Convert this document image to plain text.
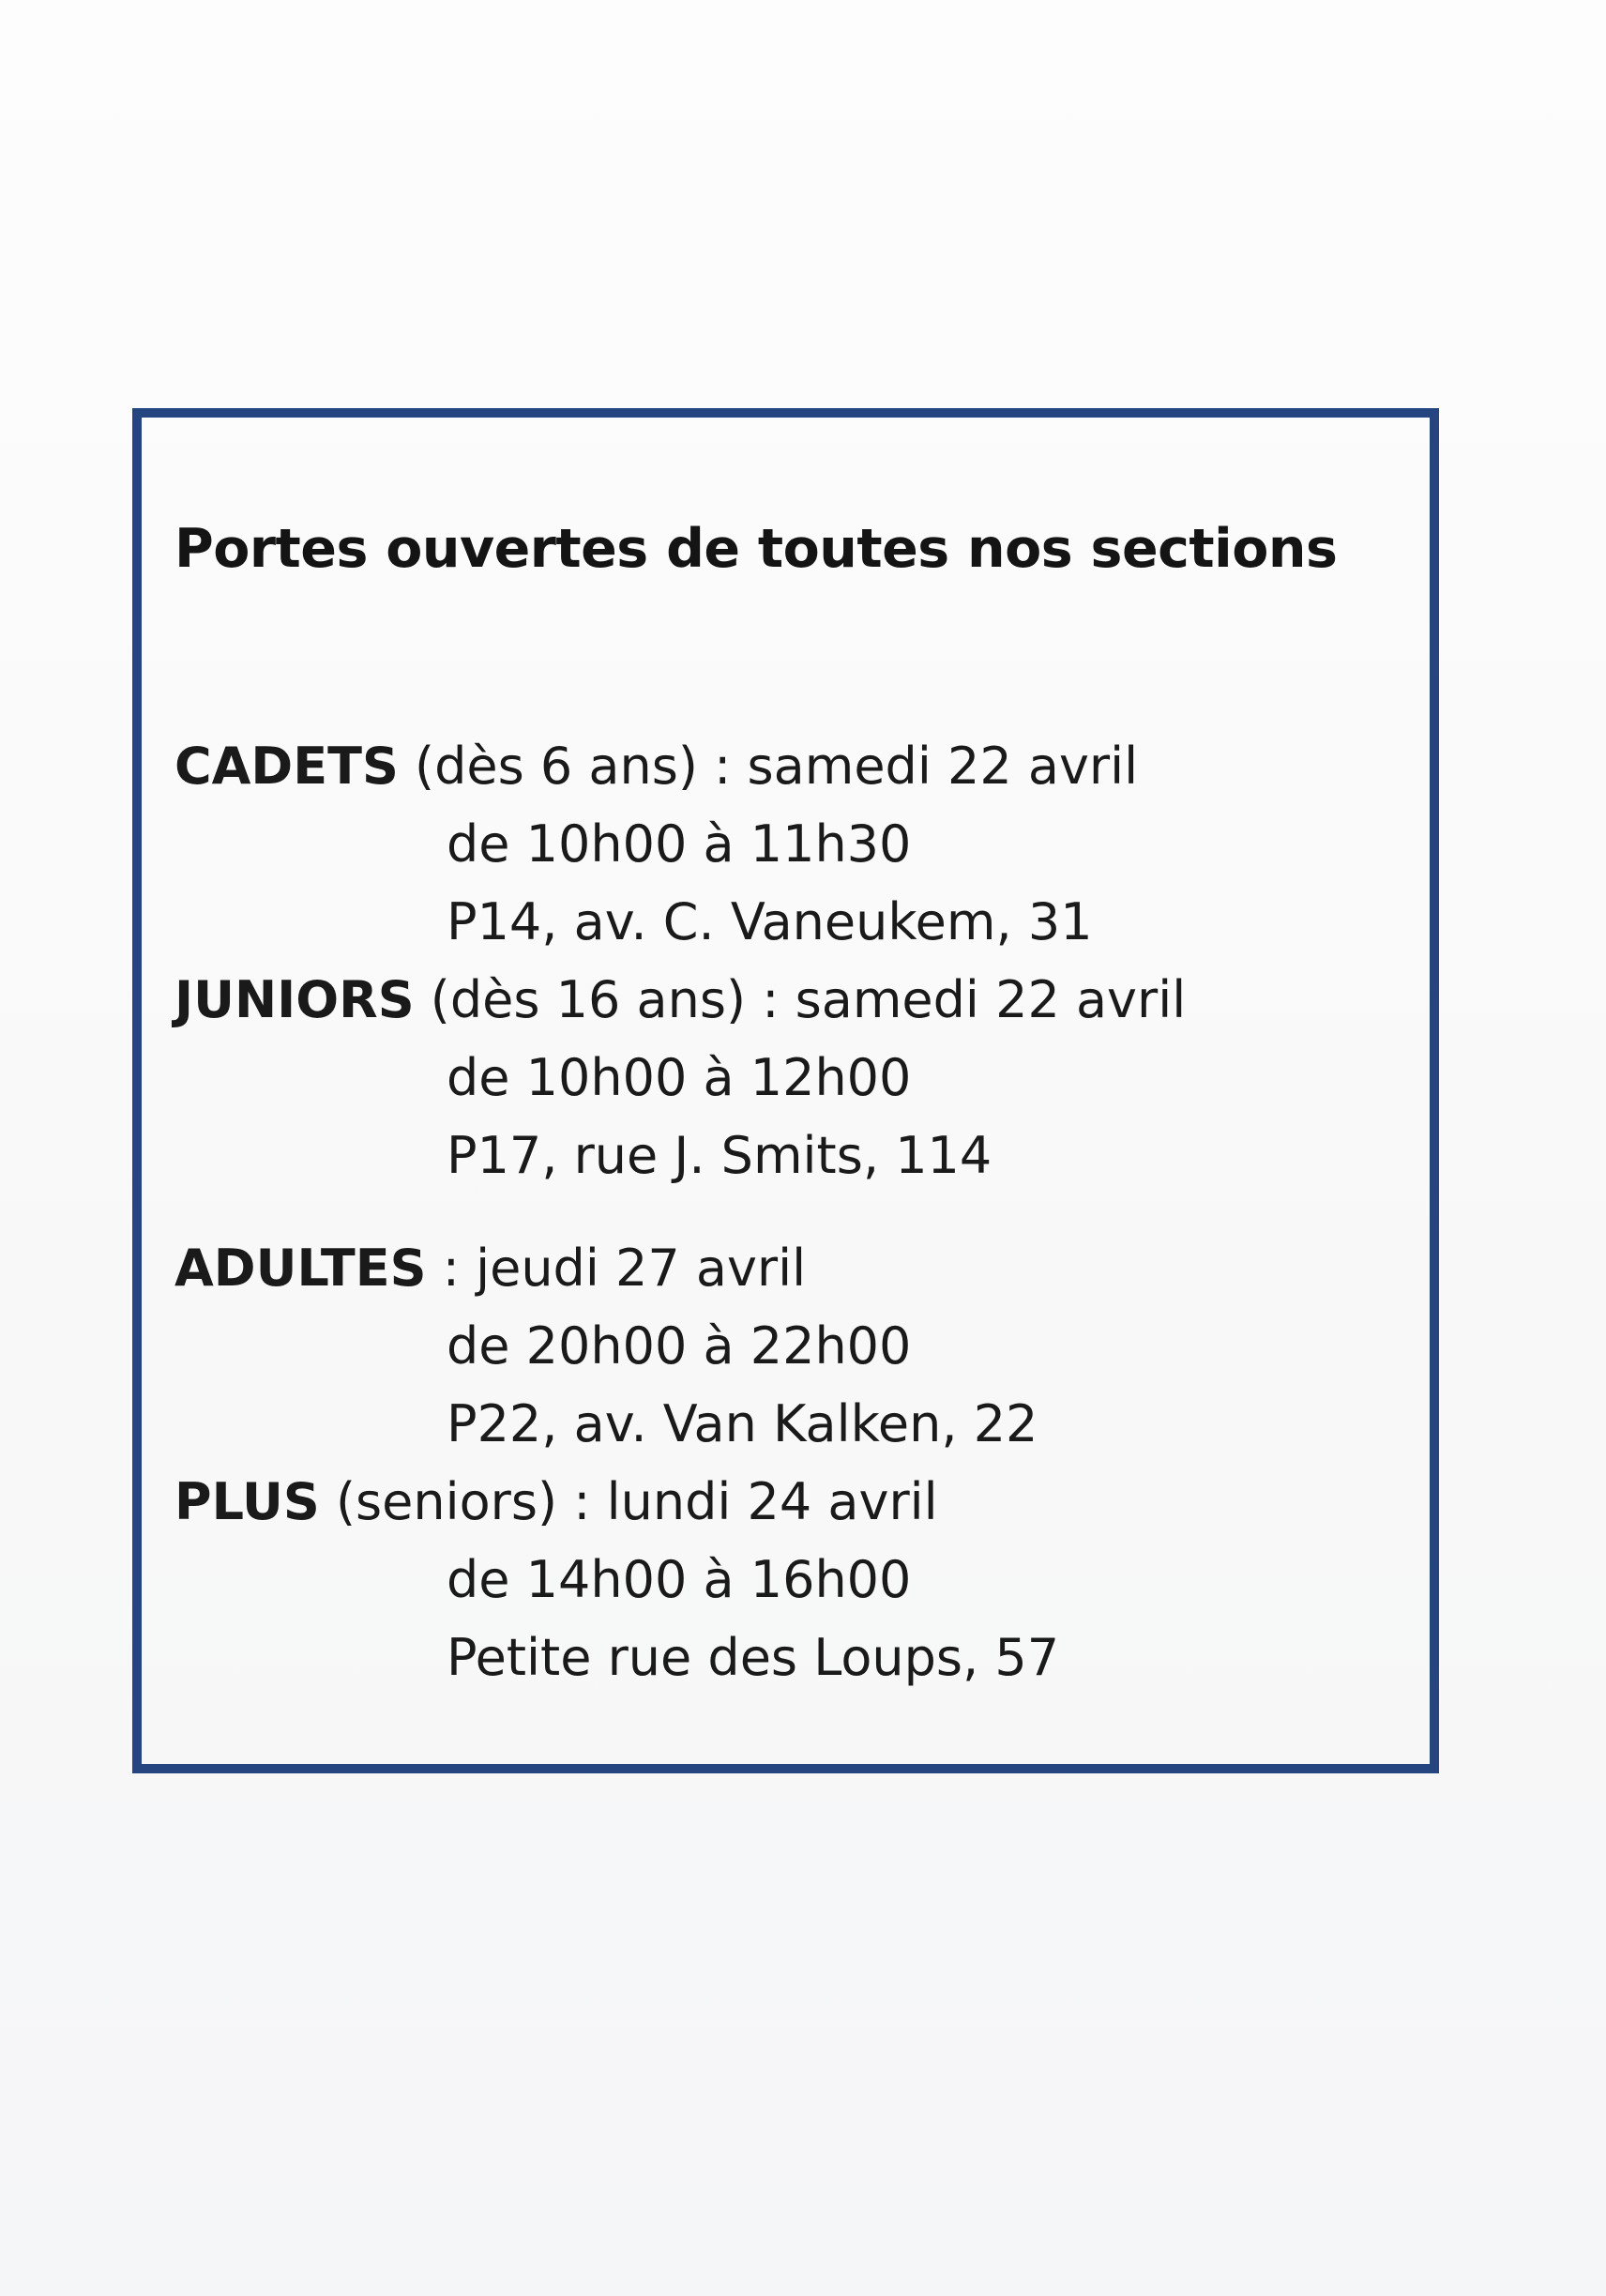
Portes ouvertes de toutes nos sections

CADETS (dès 6 ans) : samedi 22 avril

de 10h00 à 11h30

P14, av. C. Vaneukem, 31

JUNIORS (dès 16 ans) : samedi 22 avril

de 10h00 à 12h00

P17, rue J. Smits, 114

ADULTES : jeudi 27 avril

de 20h00 à 22h00

P22, av. Van Kalken, 22

PLUS (seniors) : lundi 24 avril

de 14h00 à 16h00

Petite rue des Loups, 57
